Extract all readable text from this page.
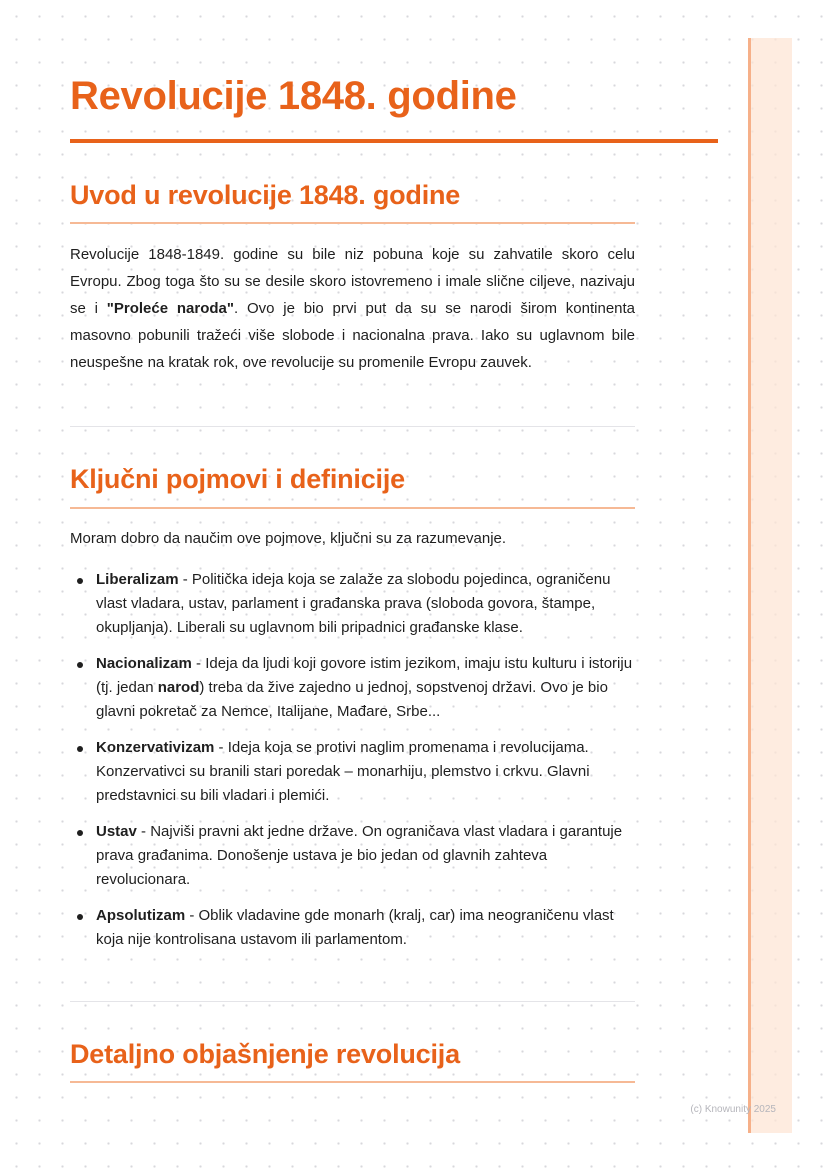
Revolucije 1848. godine
Uvod u revolucije 1848. godine

Revolucije 1848-1849. godine su bile niz pobuna koje su zahvatile skoro celu Evropu. Zbog toga što su se desile skoro istovremeno i imale slične ciljeve, nazivaju se i "Proleće naroda". Ovo je bio prvi put da su se narodi širom kontinenta masovno pobunili tražeći više slobode i nacionalna prava. Iako su uglavnom bile neuspešne na kratak rok, ove revolucije su promenile Evropu zauvek.

Ključni pojmovi i definicije

Moram dobro da naučim ove pojmove, ključni su za razumevanje.

Liberalizam - Politička ideja koja se zalaže za slobodu pojedinca, ograničenu vlast vladara, ustav, parlament i građanska prava (sloboda govora, štampe, okupljanja). Liberali su uglavnom bili pripadnici građanske klase.
Nacionalizam - Ideja da ljudi koji govore istim jezikom, imaju istu kulturu i istoriju (tj. jedan narod) treba da žive zajedno u jednoj, sopstvenoj državi. Ovo je bio glavni pokretač za Nemce, Italijane, Mađare, Srbe...
Konzervativizam - Ideja koja se protivi naglim promenama i revolucijama. Konzervativci su branili stari poredak – monarhiju, plemstvo i crkvu. Glavni predstavnici su bili vladari i plemići.
Ustav - Najviši pravni akt jedne države. On ograničava vlast vladara i garantuje prava građanima. Donošenje ustava je bio jedan od glavnih zahteva revolucionara.
Apsolutizam - Oblik vladavine gde monarh (kralj, car) ima neograničenu vlast koja nije kontrolisana ustavom ili parlamentom.
Detaljno objašnjenje revolucija
(c) Knowunity 2025
